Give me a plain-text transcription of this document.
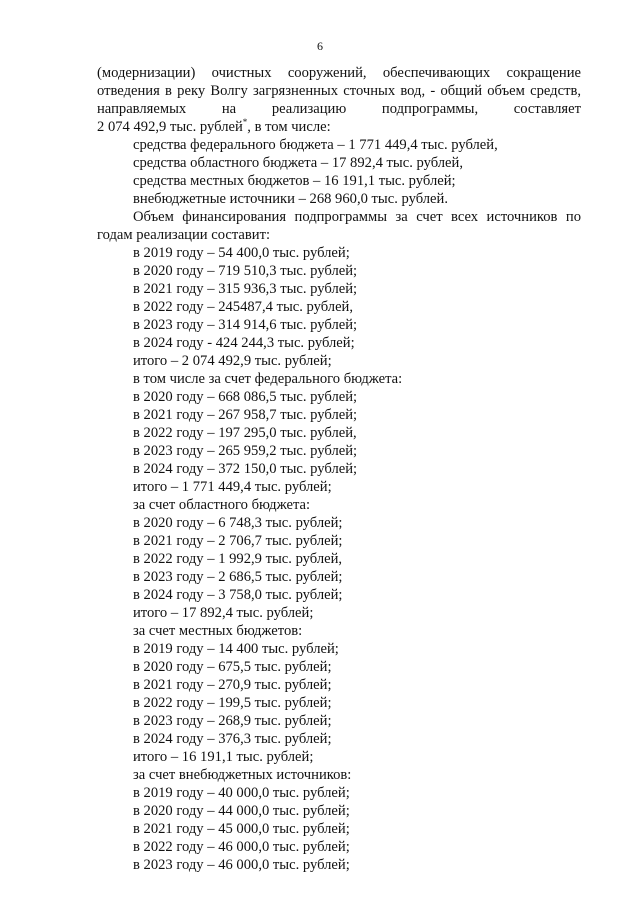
6

(модернизации) очистных сооружений, обеспечивающих сокращение
отведения в реку Волгу загрязненных сточных вод, - общий объем средств,
направляемых на реализацию подпрограммы, составляет
2 074 492,9 тыс. рублей*, в том числе:

средства федерального бюджета – 1 771 449,4 тыс. рублей,
средства областного бюджета – 17 892,4 тыс. рублей,
средства местных бюджетов – 16 191,1 тыс. рублей;
внебюджетные источники – 268 960,0 тыс. рублей.

Объем финансирования подпрограммы за счет всех источников по
годам реализации составит:

в 2019 году – 54 400,0 тыс. рублей;
в 2020 году – 719 510,3 тыс. рублей;
в 2021 году – 315 936,3 тыс. рублей;
в 2022 году – 245487,4 тыс. рублей,
в 2023 году – 314 914,6 тыс. рублей;
в 2024 году - 424 244,3 тыс. рублей;
итого – 2 074 492,9 тыс. рублей;
в том числе за счет федерального бюджета:
в 2020 году – 668 086,5 тыс. рублей;
в 2021 году – 267 958,7 тыс. рублей;
в 2022 году – 197 295,0 тыс. рублей,
в 2023 году – 265 959,2 тыс. рублей;
в 2024 году – 372 150,0 тыс. рублей;
итого – 1 771 449,4 тыс. рублей;
за счет областного бюджета:
в 2020 году – 6 748,3 тыс. рублей;
в 2021 году – 2 706,7 тыс. рублей;
в 2022 году – 1 992,9 тыс. рублей,
в 2023 году – 2 686,5 тыс. рублей;
в 2024 году – 3 758,0 тыс. рублей;
итого – 17 892,4 тыс. рублей;
за счет местных бюджетов:
в 2019 году – 14 400 тыс. рублей;
в 2020 году – 675,5 тыс. рублей;
в 2021 году – 270,9 тыс. рублей;
в 2022 году – 199,5 тыс. рублей;
в 2023 году – 268,9 тыс. рублей;
в 2024 году – 376,3 тыс. рублей;
итого – 16 191,1 тыс. рублей;
за счет внебюджетных источников:
в 2019 году – 40 000,0 тыс. рублей;
в 2020 году – 44 000,0 тыс. рублей;
в 2021 году – 45 000,0 тыс. рублей;
в 2022 году – 46 000,0 тыс. рублей;
в 2023 году – 46 000,0 тыс. рублей;
